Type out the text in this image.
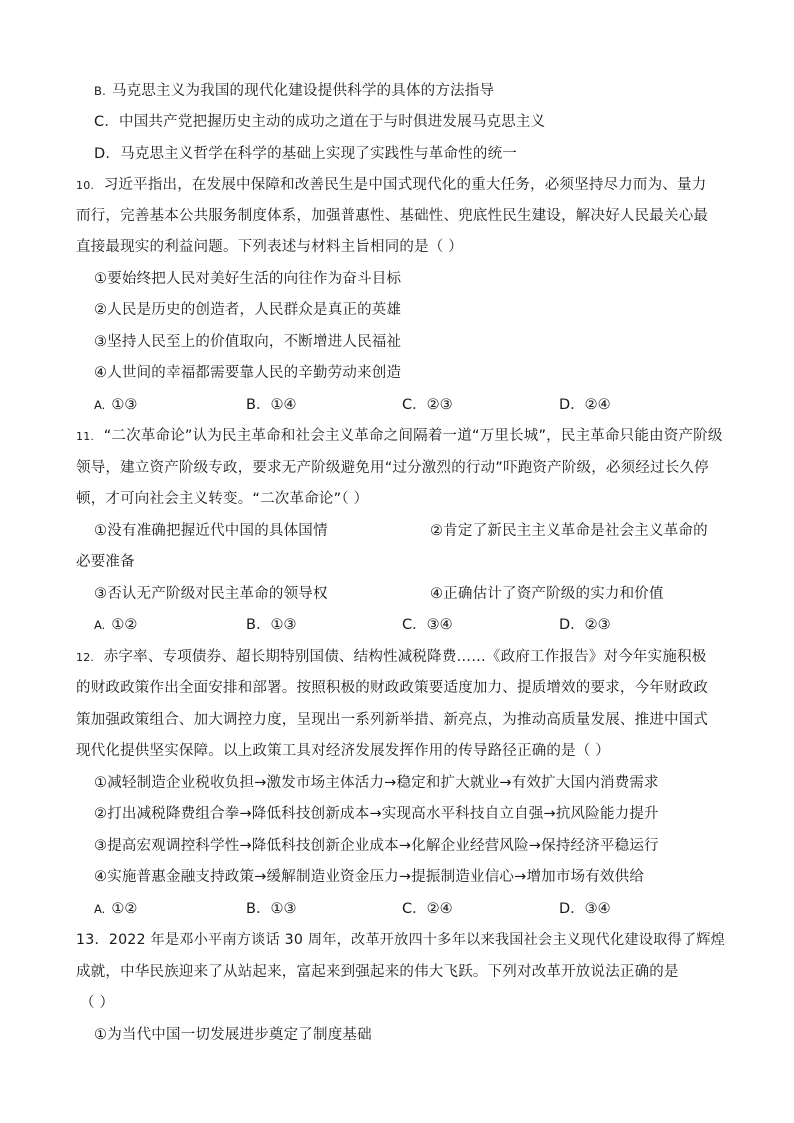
B. 马克思主义为我国的现代化建设提供科学的具体的方法指导
C．中国共产党把握历史主动的成功之道在于与时俱进发展马克思主义
D．马克思主义哲学在科学的基础上实现了实践性与革命性的统一
10. 习近平指出，在发展中保障和改善民生是中国式现代化的重大任务，必须坚持尽力而为、量力
而行，完善基本公共服务制度体系，加强普惠性、基础性、兜底性民生建设，解决好人民最关心最
直接最现实的利益问题。下列表述与材料主旨相同的是（ ）
①要始终把人民对美好生活的向往作为奋斗目标
②人民是历史的创造者，人民群众是真正的英雄
③坚持人民至上的价值取向，不断增进人民福祉
④人世间的幸福都需要靠人民的辛勤劳动来创造
A. ①③	B．①④	C．②③	D．②④
11. “二次革命论”认为民主革命和社会主义革命之间隔着一道“万里长城”，民主革命只能由资产阶级
领导，建立资产阶级专政，要求无产阶级避免用“过分激烈的行动”吓跑资产阶级，必须经过长久停
顿，才可向社会主义转变。“二次革命论”（ ）
①没有准确把握近代中国的具体国情	②肯定了新民主主义革命是社会主义革命的
必要准备
③否认无产阶级对民主革命的领导权	④正确估计了资产阶级的实力和价值
A. ①②	B．①③	C．③④	D．②③
12. 赤字率、专项债券、超长期特别国债、结构性减税降费……《政府工作报告》对今年实施积极
的财政政策作出全面安排和部署。按照积极的财政政策要适度加力、提质增效的要求，今年财政政
策加强政策组合、加大调控力度，呈现出一系列新举措、新亮点，为推动高质量发展、推进中国式
现代化提供坚实保障。以上政策工具对经济发展发挥作用的传导路径正确的是（ ）
①减轻制造企业税收负担→激发市场主体活力→稳定和扩大就业→有效扩大国内消费需求
②打出减税降费组合拳→降低科技创新成本→实现高水平科技自立自强→抗风险能力提升
③提高宏观调控科学性→降低科技创新企业成本→化解企业经营风险→保持经济平稳运行
④实施普惠金融支持政策→缓解制造业资金压力→提振制造业信心→增加市场有效供给
A. ①②	B．①③	C．②④	D．③④
13．2022 年是邓小平南方谈话 30 周年，改革开放四十多年以来我国社会主义现代化建设取得了辉煌
成就，中华民族迎来了从站起来，富起来到强起来的伟大飞跃。下列对改革开放说法正确的是
（ ）
①为当代中国一切发展进步奠定了制度基础
